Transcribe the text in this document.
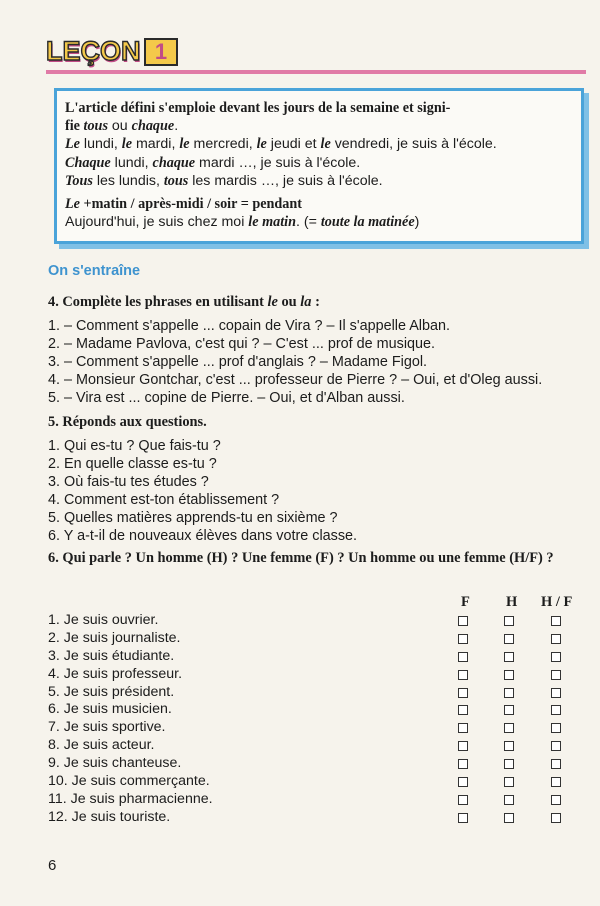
LEÇON 1

L'article défini s'emploie devant les jours de la semaine et signi-

fie tous ou chaque.

Le lundi, le mardi, le mercredi, le jeudi et le vendredi, je suis à l'école.

Chaque lundi, chaque mardi …, je suis à l'école.

Tous les lundis, tous les mardis …, je suis à l'école.

Le +matin / après-midi / soir = pendant

Aujourd'hui, je suis chez moi le matin. (= toute la matinée)

On s'entraîne
4. Complète les phrases en utilisant le ou la :
1. – Comment s'appelle ... copain de Vira ? – Il s'appelle Alban.
2. – Madame Pavlova, c'est qui ? – C'est ... prof de musique.
3. – Comment s'appelle ... prof d'anglais ? – Madame Figol.
4. – Monsieur Gontchar, c'est ... professeur de Pierre ? – Oui, et d'Oleg aussi.
5. – Vira est ... copine de Pierre. – Oui, et d'Alban aussi.
5. Réponds aux questions.
1. Qui es-tu ? Que fais-tu ?
2. En quelle classe es-tu ?
3. Où fais-tu tes études ?
4. Comment est-ton établissement ?
5. Quelles matières apprends-tu en sixième ?
6. Y a-t-il de nouveaux élèves dans votre classe.
6. Qui parle ? Un homme (H) ? Une femme (F) ? Un homme ou une femme (H/F) ?
F H H / F
1. Je suis ouvrier.
2. Je suis journaliste.
3. Je suis étudiante.
4. Je suis professeur.
5. Je suis président.
6. Je suis musicien.
7. Je suis sportive.
8. Je suis acteur.
9. Je suis chanteuse.
10. Je suis commerçante.
11. Je suis pharmacienne.
12. Je suis touriste.
6
